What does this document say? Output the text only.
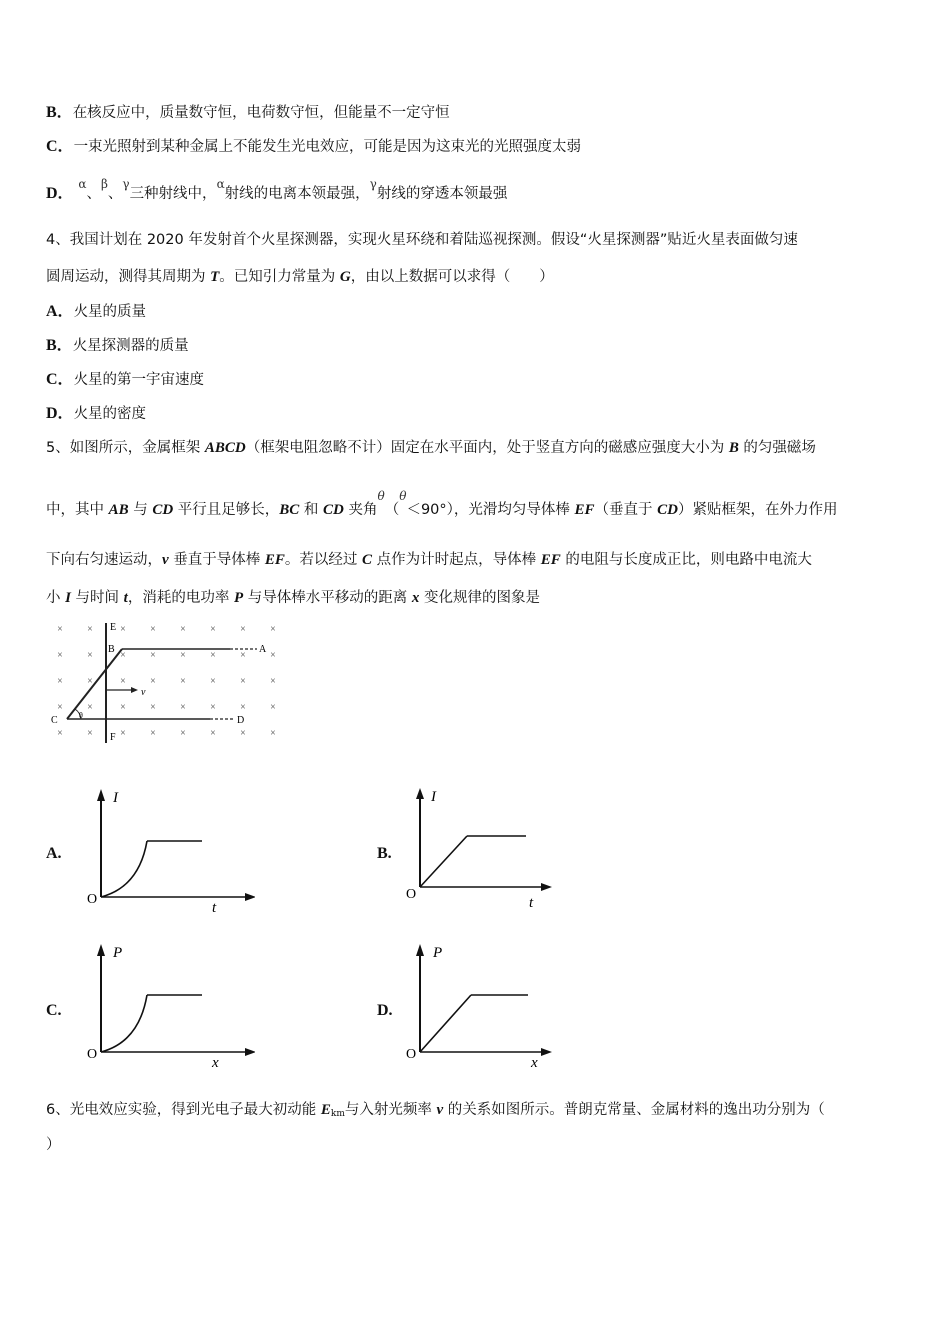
B．在核反应中，质量数守恒，电荷数守恒，但能量不一定守恒
C．一束光照射到某种金属上不能发生光电效应，可能是因为这束光的光照强度太弱
D． $^\alpha$、$^\beta$、$^\gamma$三种射线中，$^\alpha$射线的电离本领最强，$^\gamma$射线的穿透本领最强
4、我国计划在 2020 年发射首个火星探测器，实现火星环绕和着陆巡视探测。假设“火星探测器”贴近火星表面做匀速
圆周运动，测得其周期为 T。已知引力常量为 G，由以上数据可以求得（　　）
A．火星的质量
B．火星探测器的质量
C．火星的第一宇宙速度
D．火星的密度
5、如图所示，金属框架 ABCD（框架电阻忽略不计）固定在水平面内，处于竖直方向的磁感应强度大小为 B 的匀强磁场
中，其中 AB 与 CD 平行且足够长，BC 和 CD 夹角$^\theta$（$^\theta$＜90°），光滑均匀导体棒 EF（垂直于 CD）紧贴框架，在外力作用
下向右匀速运动，v 垂直于导体棒 EF。若以经过 C 点作为计时起点，导体棒 EF 的电阻与长度成正比，则电路中电流大
小 I 与时间 t，消耗的电功率 P 与导体棒水平移动的距离 x 变化规律的图象是
× ×	× × × × × ×
× ×	× × × × × ×
× ×	× × × × × ×
× ×	× × × × × ×
× ×	× × × × × ×
E
B	A
C	D
F
v
θ
A.
I
t
O
B.
I
t
O
C.
P
x
O
D.
P
x
O
6、光电效应实验，得到光电子最大初动能 $E_{km}$与入射光频率 v 的关系如图所示。普朗克常量、金属材料的逸出功分别为（
）
